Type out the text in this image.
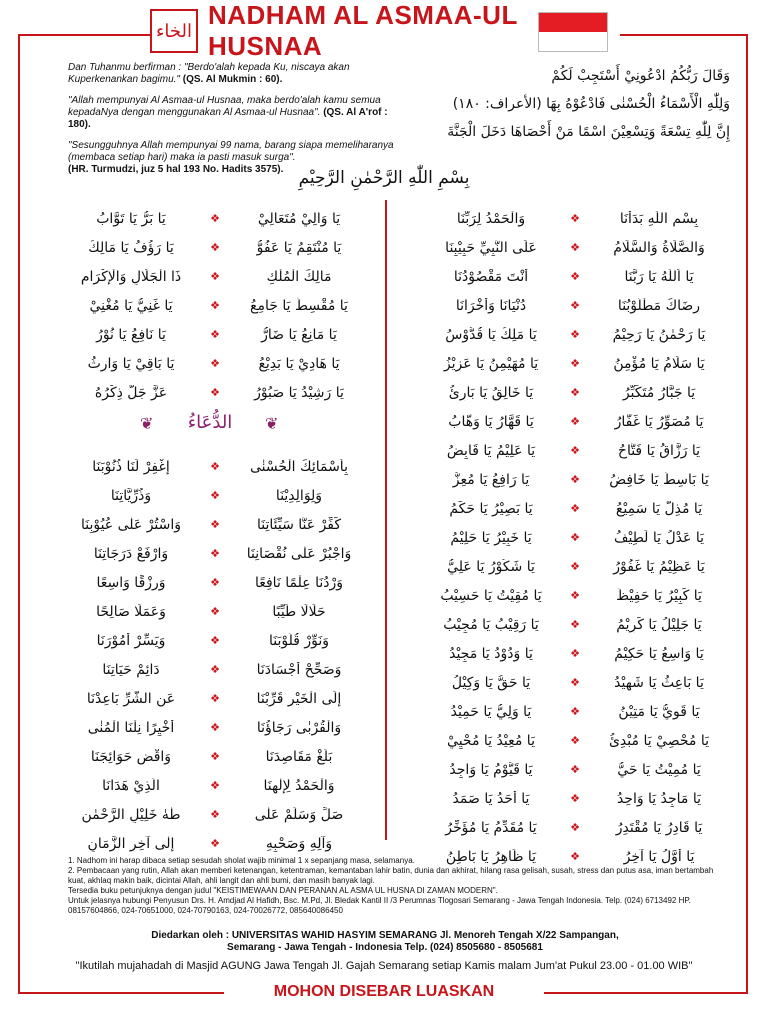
الخاء
NADHAM AL ASMAA-UL HUSNAA

Dan Tuhanmu berfirman : "Berdo'alah kepada Ku, niscaya akan Kuperkenankan bagimu." (QS. Al Mukmin : 60).

"Allah mempunyai Al Asmaa-ul Husnaa, maka berdo'alah kamu semua kepadaNya dengan menggunakan Al Asmaa-ul Husnaa". (QS. Al A'rof : 180).

"Sesungguhnya Allah mempunyai 99 nama, barang siapa memeliharanya (membaca setiap hari) maka ia pasti masuk surga".
(HR. Turmudzi, juz 5 hal 193 No. Hadits 3575).

وَقَالَ رَبُّكُمُ ادْعُونِيْ أَسْتَجِبْ لَكُمْ
وَلِلّٰهِ الْأَسْمَاءُ الْحُسْنٰى فَادْعُوْهُ بِهَا (الأعراف: ١٨٠)
إِنَّ لِلّٰهِ تِسْعَةً وَتِسْعِيْنَ اسْمًا مَنْ أَحْصَاهَا دَخَلَ الْجَنَّةَ
بِسْمِ اللّٰهِ الرَّحْمٰنِ الرَّحِيْمِ
بِسْمِ اللّٰهِ بَدَأْنَا
❖
وَالْحَمْدُ لِرَبِّنَا
وَالصَّلَاةُ وَالسَّلَامُ
❖
عَلَى النَّبِيِّ حَبِيْبِنَا
يَا اَللّٰهُ يَا رَبَّنَا
❖
أَنْتَ مَقْصُوْدُنَا
رِضَاكَ مَطْلُوْبُنَا
❖
دُنْيَانَا وَأُخْرَانَا
يَا رَحْمٰنُ يَا رَحِيْمُ
❖
يَا مَلِكُ يَا قُدُّوْسُ
يَا سَلَامُ يَا مُؤْمِنُ
❖
يَا مُهَيْمِنُ يَا عَزِيْزُ
يَا جَبَّارُ مُتَكَبِّرُ
❖
يَا خَالِقُ يَا بَارِئُ
يَا مُصَوِّرُ يَا غَفَّارُ
❖
يَا قَهَّارُ يَا وَهَّابُ
يَا رَزَّاقُ يَا فَتَّاحُ
❖
يَا عَلِيْمُ يَا قَابِضُ
يَا بَاسِطُ يَا خَافِضُ
❖
يَا رَافِعُ يَا مُعِزُّ
يَا مُذِلُّ يَا سَمِيْعُ
❖
يَا بَصِيْرُ يَا حَكَمُ
يَا عَدْلُ يَا لَطِيْفُ
❖
يَا خَبِيْرُ يَا حَلِيْمُ
يَا عَظِيْمُ يَا غَفُوْرُ
❖
يَا شَكُوْرُ يَا عَلِيُّ
يَا كَبِيْرُ يَا حَفِيْظُ
❖
يَا مُقِيْتُ يَا حَسِيْبُ
يَا جَلِيْلُ يَا كَرِيْمُ
❖
يَا رَقِيْبُ يَا مُجِيْبُ
يَا وَاسِعُ يَا حَكِيْمُ
❖
يَا وَدُوْدُ يَا مَجِيْدُ
يَا بَاعِثُ يَا شَهِيْدُ
❖
يَا حَقُّ يَا وَكِيْلُ
يَا قَوِيُّ يَا مَتِيْنُ
❖
يَا وَلِيُّ يَا حَمِيْدُ
يَا مُحْصِيْ يَا مُبْدِئُ
❖
يَا مُعِيْدُ يَا مُحْيِيْ
يَا مُمِيْتُ يَا حَيُّ
❖
يَا قَيُّوْمُ يَا وَاجِدُ
يَا مَاجِدُ يَا وَاحِدُ
❖
يَا أَحَدُ يَا صَمَدُ
يَا قَادِرُ يَا مُقْتَدِرُ
❖
يَا مُقَدِّمُ يَا مُؤَخِّرُ
يَا أَوَّلُ يَا آخِرُ
❖
يَا ظَاهِرُ يَا بَاطِنُ
يَا وَالِيْ مُتَعَالِيْ
❖
يَا بَرُّ يَا تَوَّابُ
يَا مُنْتَقِمُ يَا عَفُوُّ
❖
يَا رَؤُفُ يَا مَالِكُ
مَالِكَ الْمُلْكِ
❖
ذَا الْجَلَالِ وَالْإِكْرَامِ
يَا مُقْسِطُ يَا جَامِعُ
❖
يَا غَنِيُّ يَا مُغْنِيْ
يَا مَانِعُ يَا ضَارُّ
❖
يَا نَافِعُ يَا نُوْرُ
يَا هَادِيْ يَا بَدِيْعُ
❖
يَا بَاقِيْ يَا وَارِثُ
يَا رَشِيْدُ يَا صَبُوْرُ
❖
عَزَّ جَلَّ ذِكْرُهُ
❦	الدُّعَاءُ	❦
بِأَسْمَائِكَ الْحُسْنٰى
❖
إِغْفِرْ لَنَا ذُنُوْبَنَا
وَلِوَالِدِيْنَا
❖
وَذُرِّيَّاتِنَا
كَفِّرْ عَنَّا سَيِّئَاتِنَا
❖
وَاسْتُرْ عَلٰى عُيُوْبِنَا
وَاجْبُرْ عَلٰى نُقْصَانِنَا
❖
وَارْفَعْ دَرَجَاتِنَا
وَرْدُنَا عِلْمًا نَافِعًا
❖
وَرِزْقًا وَاسِعًا
حَلَالًا طَيِّبًا
❖
وَعَمَلًا صَالِحًا
وَنَوِّرْ قُلُوْبَنَا
❖
وَيَسِّرْ أُمُوْرَنَا
وَصَحِّحْ أَجْسَادَنَا
❖
دَائِمْ حَيَاتِنَا
إِلَى الْخَيْرِ قَرِّبْنَا
❖
عَنِ الشَّرِّ بَاعِدْنَا
وَالْقُرْبٰى رَجَاؤُنَا
❖
أَخْيِرًا نِلْنَا الْمُنٰى
بَلِّغْ مَقَاصِدَنَا
❖
وَاقْضِ حَوَائِجَنَا
وَالْحَمْدُ لِإِلٰهِنَا
❖
الَّذِيْ هَدَانَا
صَلِّ وَسَلِّمْ عَلٰى
❖
طٰهٰ خَلِيْلِ الرَّحْمٰنِ
وَآلِهِ وَصَحْبِهِ
❖
إِلٰى آخِرِ الزَّمَانِ

1. Nadhom ini harap dibaca setiap sesudah sholat wajib minimal 1 x sepanjang masa, selamanya.

2. Pembacaan yang rutin, Allah akan memberi ketenangan, ketentraman, kemantaban lahir batin, dunia dan akhirat, hilang rasa gelisah, susah, stress dan putus asa, iman bertambah kuat, akhlaq makin baik, dicintai Allah, ahli langit dan ahli bumi, dan masih banyak lagi.

Tersedia buku petunjuknya dengan judul "KEISTIMEWAAN DAN PERANAN AL ASMA UL HUSNA DI ZAMAN MODERN".

Untuk jelasnya hubungi Penyusun Drs. H. Amdjad Al Hafidh, Bsc. M.Pd, Jl. Bledak Kantil II /3 Perumnas Tlogosari Semarang - Jawa Tengah Indonesia. Telp. (024) 6713492 HP. 08157604866, 024-70651000, 024-70790163, 024-70026772, 085640086450

Diedarkan oleh : UNIVERSITAS WAHID HASYIM SEMARANG Jl. Menoreh Tengah X/22 Sampangan,
Semarang - Jawa Tengah - Indonesia Telp. (024) 8505680 - 8505681
"Ikutilah mujahadah di Masjid AGUNG Jawa Tengah Jl. Gajah Semarang setiap Kamis malam Jum'at Pukul 23.00 - 01.00 WIB"
MOHON DISEBAR LUASKAN
